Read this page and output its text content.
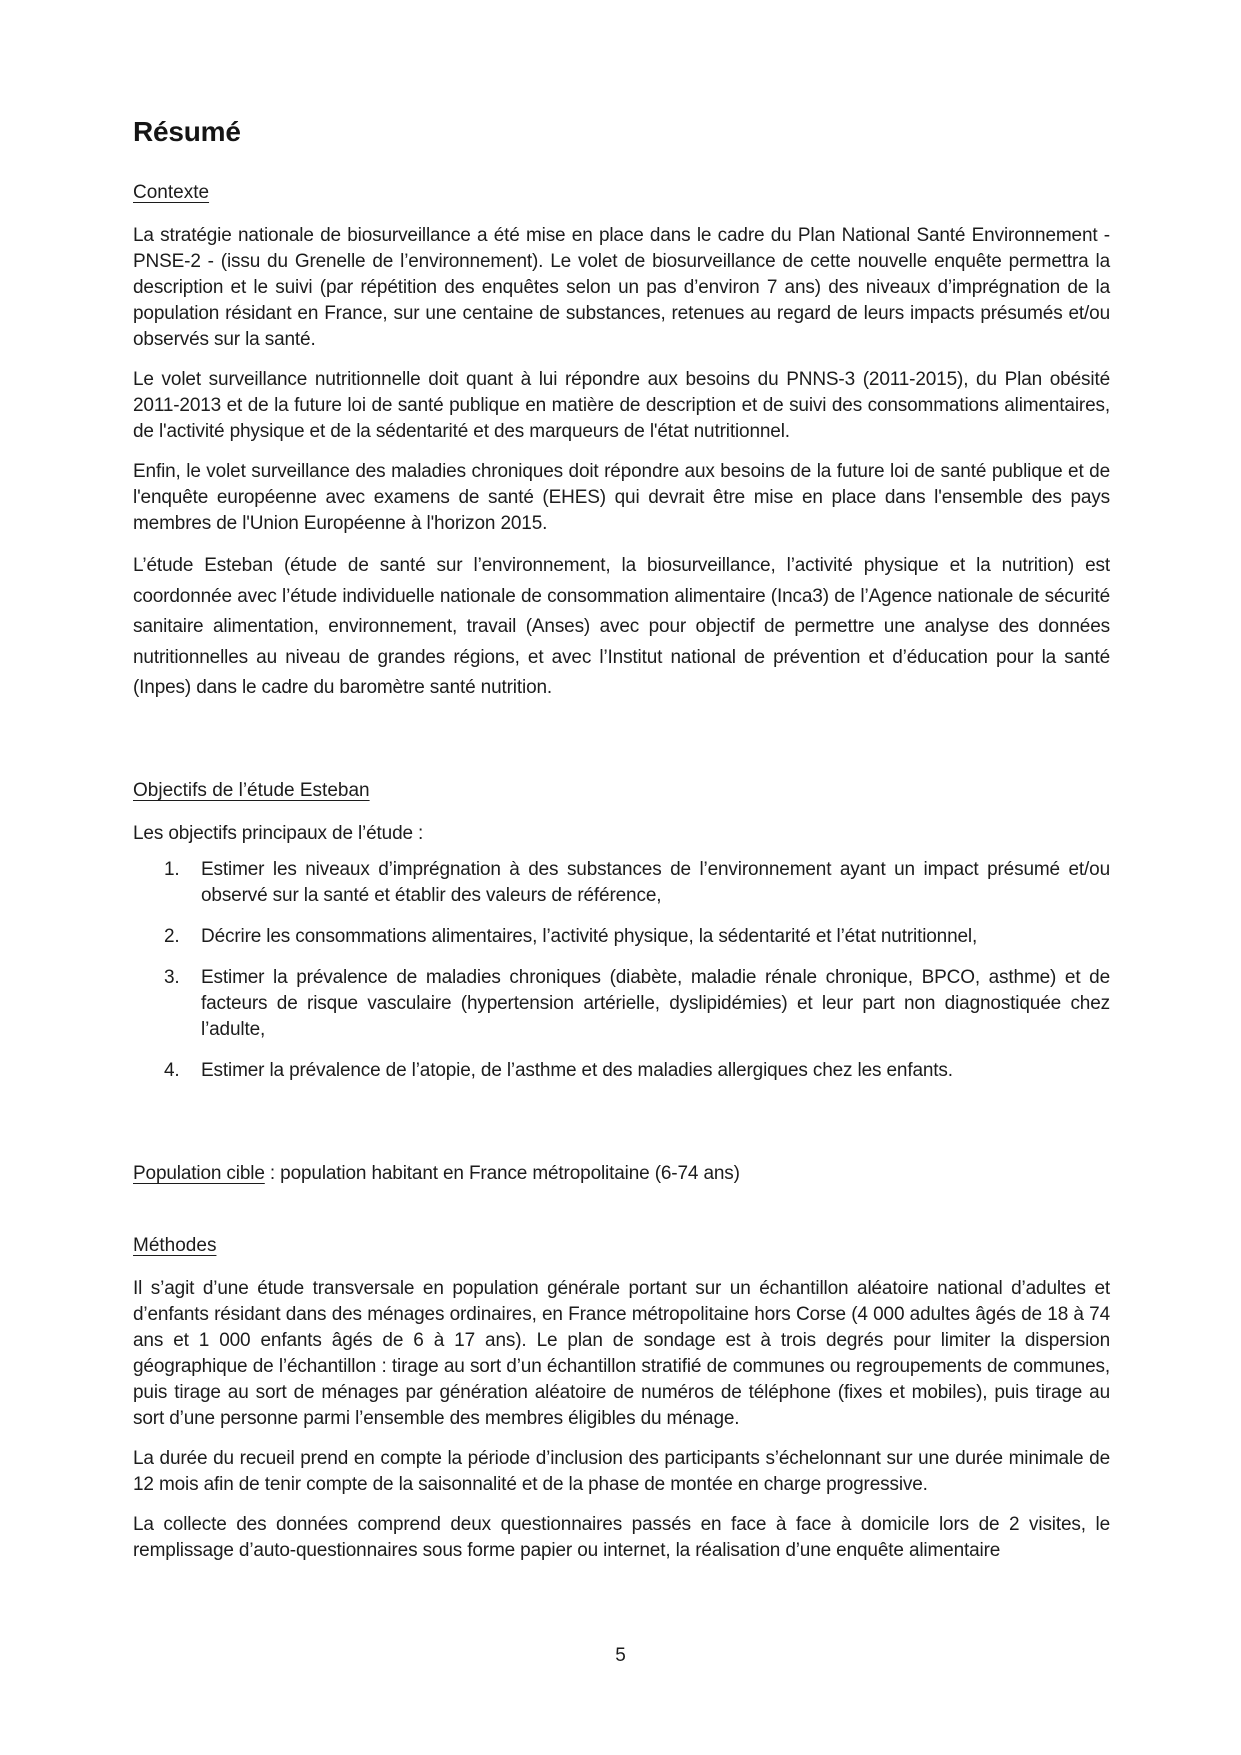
Résumé
Contexte

La stratégie nationale de biosurveillance a été mise en place dans le cadre du Plan National Santé Environnement - PNSE-2 - (issu du Grenelle de l’environnement). Le volet de biosurveillance de cette nouvelle enquête permettra la description et le suivi (par répétition des enquêtes selon un pas d’environ 7 ans) des niveaux d’imprégnation de la population résidant en France, sur une centaine de substances, retenues au regard de leurs impacts présumés et/ou observés sur la santé.

Le volet surveillance nutritionnelle doit quant à lui répondre aux besoins du PNNS-3 (2011-2015), du Plan obésité 2011-2013 et de la future loi de santé publique en matière de description et de suivi des consommations alimentaires, de l'activité physique et de la sédentarité et des marqueurs de l'état nutritionnel.

Enfin, le volet surveillance des maladies chroniques doit répondre aux besoins de la future loi de santé publique et de l'enquête européenne avec examens de santé (EHES) qui devrait être mise en place dans l'ensemble des pays membres de l'Union Européenne à l'horizon 2015.

L’étude Esteban (étude de santé sur l’environnement, la biosurveillance, l’activité physique et la nutrition) est coordonnée avec l’étude individuelle nationale de consommation alimentaire (Inca3) de l’Agence nationale de sécurité sanitaire alimentation, environnement, travail (Anses) avec pour objectif de permettre une analyse des données nutritionnelles au niveau de grandes régions, et avec l’Institut national de prévention et d’éducation pour la santé (Inpes) dans le cadre du baromètre santé nutrition.

Objectifs de l’étude Esteban

Les objectifs principaux de l’étude :

1.	Estimer les niveaux d’imprégnation à des substances de l’environnement ayant un impact présumé et/ou observé sur la santé et établir des valeurs de référence,
2.	Décrire les consommations alimentaires, l’activité physique, la sédentarité et l’état nutritionnel,
3.	Estimer la prévalence de maladies chroniques (diabète, maladie rénale chronique, BPCO, asthme) et de facteurs de risque vasculaire (hypertension artérielle, dyslipidémies) et leur part non diagnostiquée chez l’adulte,
4.	Estimer la prévalence de l’atopie, de l’asthme et des maladies allergiques chez les enfants.

Population cible : population habitant en France métropolitaine (6-74 ans)

Méthodes

Il s’agit d’une étude transversale en population générale portant sur un échantillon aléatoire national d’adultes et d’enfants résidant dans des ménages ordinaires, en France métropolitaine hors Corse (4 000 adultes âgés de 18 à 74 ans et 1 000 enfants âgés de 6 à 17 ans). Le plan de sondage est à trois degrés pour limiter la dispersion géographique de l’échantillon : tirage au sort d’un échantillon stratifié de communes ou regroupements de communes, puis tirage au sort de ménages par génération aléatoire de numéros de téléphone (fixes et mobiles), puis tirage au sort d’une personne parmi l’ensemble des membres éligibles du ménage.

La durée du recueil prend en compte la période d’inclusion des participants s’échelonnant sur une durée minimale de 12 mois afin de tenir compte de la saisonnalité et de la phase de montée en charge progressive.

La collecte des données comprend deux questionnaires passés en face à face à domicile lors de 2 visites, le remplissage d’auto-questionnaires sous forme papier ou internet, la réalisation d’une enquête alimentaire

5
